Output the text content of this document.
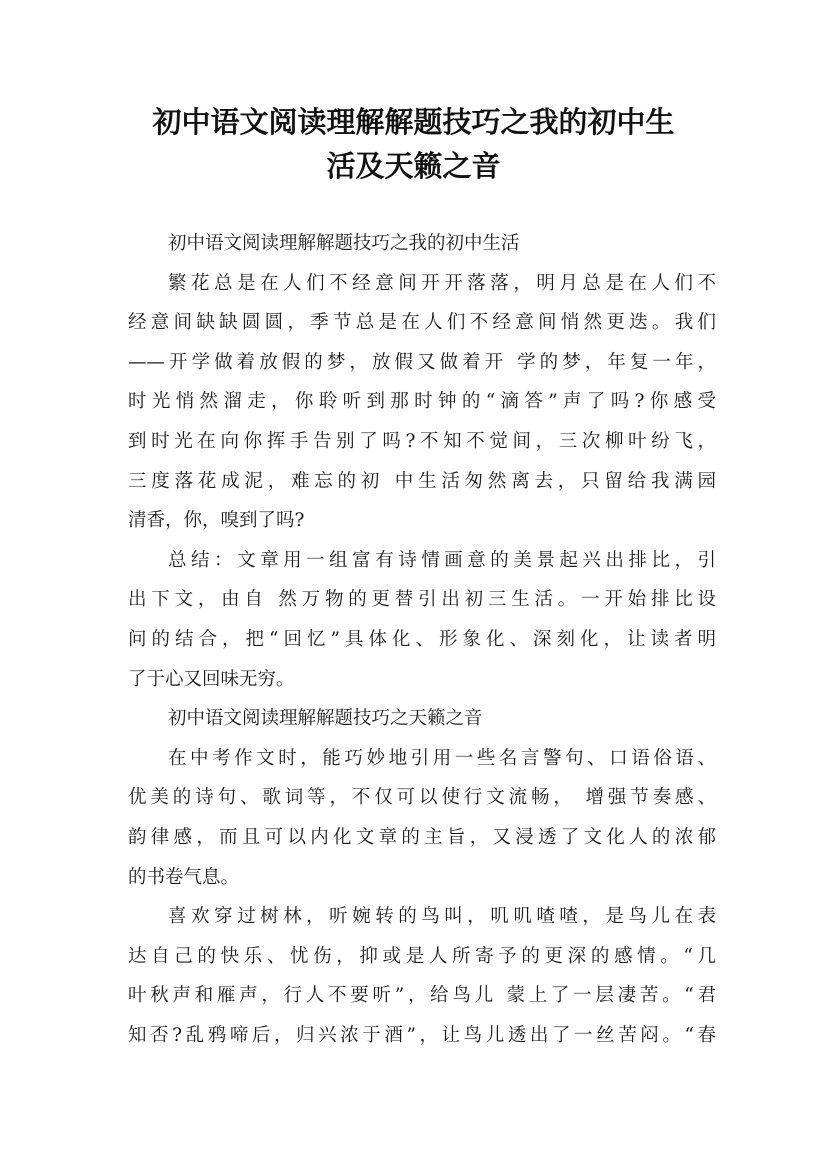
初中语文阅读理解解题技巧之我的初中生
活及天籁之音
初中语文阅读理解解题技巧之我的初中生活
繁花总是在人们不经意间开开落落，明月总是在人们不
经意间缺缺圆圆，季节总是在人们不经意间悄然更迭。我们
——开学做着放假的梦，放假又做着开 学的梦，年复一年，
时光悄然溜走，你聆听到那时钟的“滴答”声了吗?你感受
到时光在向你挥手告别了吗?不知不觉间，三次柳叶纷飞，
三度落花成泥，难忘的初 中生活匆然离去，只留给我满园
清香，你，嗅到了吗?
总结：文章用一组富有诗情画意的美景起兴出排比，引
出下文，由自 然万物的更替引出初三生活。一开始排比设
问的结合，把“回忆”具体化、形象化、深刻化，让读者明
了于心又回味无穷。
初中语文阅读理解解题技巧之天籁之音
在中考作文时，能巧妙地引用一些名言警句、口语俗语、
优美的诗句、歌词等，不仅可以使行文流畅， 增强节奏感、
韵律感，而且可以内化文章的主旨，又浸透了文化人的浓郁
的书卷气息。
喜欢穿过树林，听婉转的鸟叫，叽叽喳喳，是鸟儿在表
达自己的快乐、忧伤，抑或是人所寄予的更深的感情。“几
叶秋声和雁声，行人不要听”，给鸟儿 蒙上了一层凄苦。“君
知否?乱鸦啼后，归兴浓于酒”，让鸟儿透出了一丝苦闷。“春
